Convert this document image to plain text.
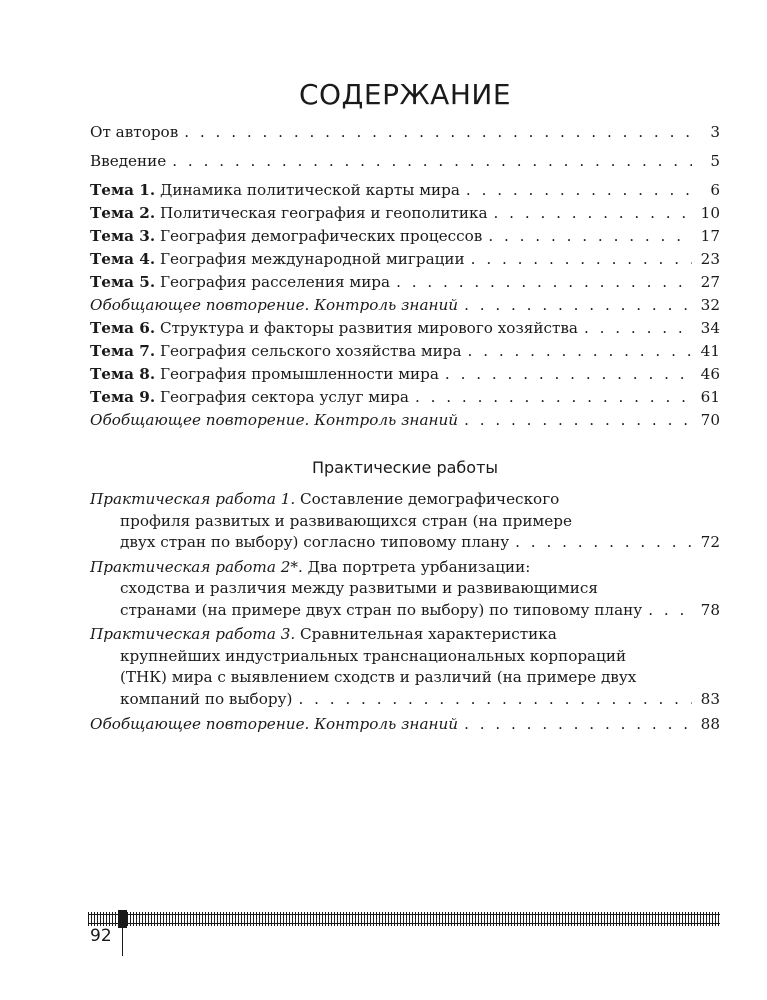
СОДЕРЖАНИЕ
От авторов . . .	3
Введение . . .	5
Тема 1. Динамика политической карты мира . . .	6
Тема 2. Политическая география и геополитика . . .	10
Тема 3. География демографических процессов . . .	17
Тема 4. География международной миграции . . .	23
Тема 5. География расселения мира . . .	27
Обобщающее повторение. Контроль знаний . . .	32
Тема 6. Структура и факторы развития мирового хозяйства . . .	34
Тема 7. География сельского хозяйства мира . . .	41
Тема 8. География промышленности мира . . .	46
Тема 9. География сектора услуг мира . . .	61
Обобщающее повторение. Контроль знаний . . .	70
Практические работы
Практическая работа 1. Составление демографического
профиля развитых и развивающихся стран (на примере
двух стран по выбору) согласно типовому плану . . .	72
Практическая работа 2*. Два портрета урбанизации:
сходства и различия между развитыми и развивающимися
странами (на примере двух стран по выбору) по типовому плану . . .	78
Практическая работа 3. Сравнительная характеристика
крупнейших индустриальных транснациональных корпораций
(ТНК) мира с выявлением сходств и различий (на примере двух
компаний по выбору) . . .	83
Обобщающее повторение. Контроль знаний . . .	88
92
